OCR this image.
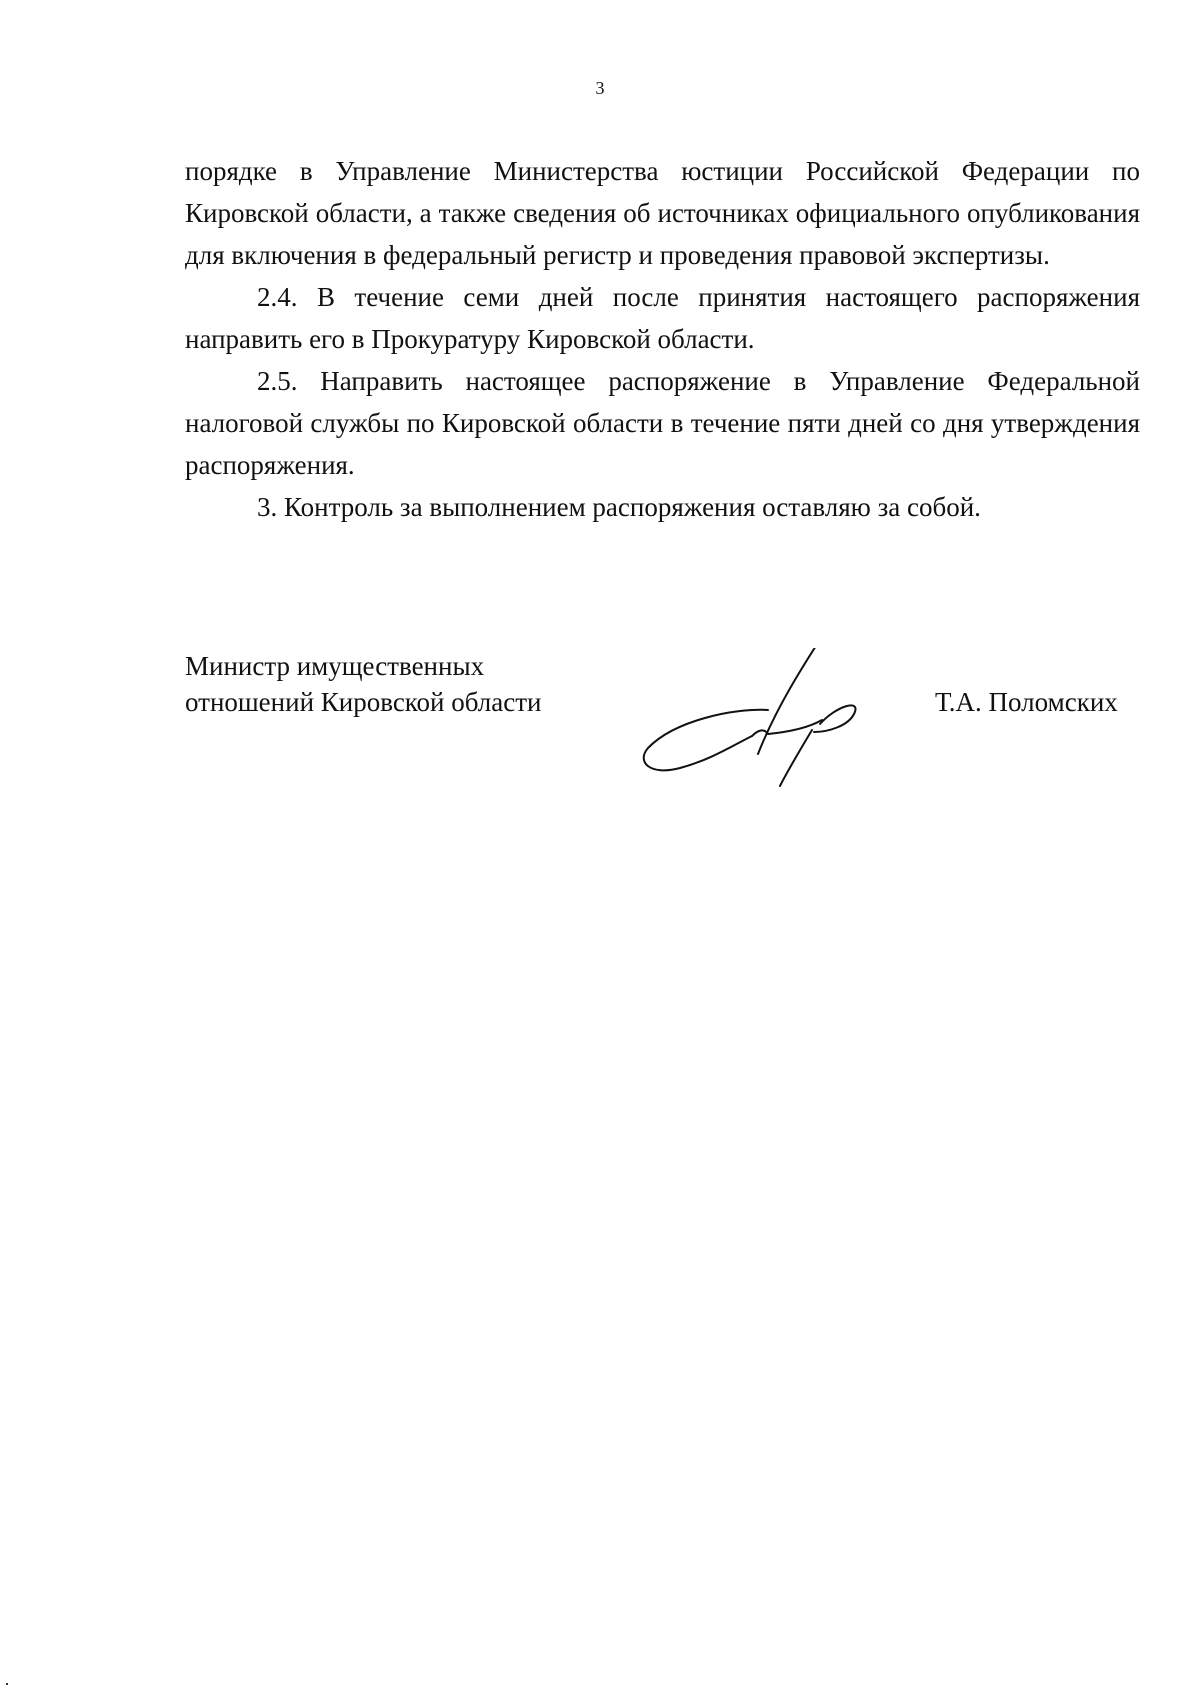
3

порядке в Управление Министерства юстиции Российской Федерации по Кировской области, а также сведения об источниках официального опубликования для включения в федеральный регистр и проведения правовой экспертизы.

2.4. В течение семи дней после принятия настоящего распоряжения направить его в Прокуратуру Кировской области.

2.5. Направить настоящее распоряжение в Управление Федеральной налоговой службы по Кировской области в течение пяти дней со дня утверждения распоряжения.

3. Контроль за выполнением распоряжения оставляю за собой.

Министр имущественных
отношений Кировской области	Т.А. Поломских
